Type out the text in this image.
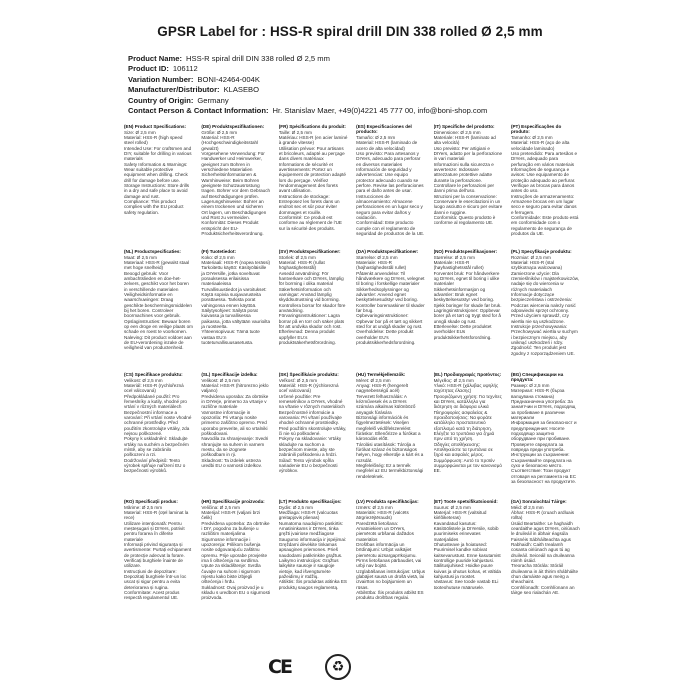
GPSR Label for : HSS-R spiral drill DIN 338 rolled Ø 2,5 mm
Product Name: HSS-R spiral drill DIN 338 rolled Ø 2,5 mm
Product ID: 106112
Variation Number: BONI-42464-004K
Manufacturer/Distributor: KLASEBO
Country of Origin: Germany
Contact Person & Contact Information: Hr. Stanislav Maer, +49(0)4221 45 777 00, info@boni-shop.com
(EN) Product Specifications:
Size: Ø 2,5 mm
Material: HSS-R (high speed steel rolled)
Intended Use: For craftsmen and DIY, suitable for drilling in various materials
Safety Information & Warnings: Wear suitable protective equipment when drilling. Check drill for damage before use.
Storage Instructions: Store drills in a dry and safe place to avoid damage and rust.
Compliance: This product complies with the EU product safety regulation.
(DE) Produktspezifikationen:
Größe: Ø 2,5 mm
Material: HSS-R (Hochgeschwindigkeitsstahl gewalzt)
Vorgesehene Verwendung: Für Handwerker und Heimwerker, geeignet zum Bohren in verschiedene Materialien
Sicherheitsinformationen & Warnhinweise: Beim Bohren geeignete Schutzausrüstung tragen. Bohrer vor dem Gebrauch auf Beschädigungen prüfen.
Lagerungshinweise: Bohrer an einem trockenen und sicheren Ort lagern, um Beschädigungen und Rost zu vermeiden.
Konformität: Dieses Produkt entspricht der EU-Produktsicherheitsverordnung.
(FR) Spécifications du produit:
Taille: Ø 2,5 mm
Matériau: HSS-R (en acier laminé à grande vitesse)
Utilisation prévue: Pour artisans et bricoleurs, adapté au perçage dans divers matériaux
Informations de sécurité et avertissements: Portez un équipement de protection adapté lors du perçage. Vérifiez l'endommagement des forets avant utilisation.
Instructions de stockage: Entreposez les forets dans un endroit sec et sûr pour éviter dommages et rouille.
Conformité: Ce produit est conforme au règlement de l'UE sur la sécurité des produits.
(ES) Especificaciones del producto:
Tamaño: Ø 2,5 mm
Material: HSS-R (laminado de acero de alta velocidad)
Uso previsto: Para artesanos y DIYers, adecuado para perforar en diversos materiales
Información de seguridad y advertencias: Use equipo protector adecuado cuando se perfore. Revise las perforaciones para el daño antes de usar.
Instrucciones de almacenamiento: Almacene perforaciones en un lugar seco y seguro para evitar daños y oxidación.
Conformidad: Este producto cumple con el reglamento de seguridad de productos de la UE.
(IT) Specifiche del prodotto:
Dimensione: Ø 2,5 mm
Materiale: HSS-R (laminato ad alta velocità)
Uso previsto: Per artigiani e DIYers, adatto per la perforazione in vari materiali
Informazioni sulla sicurezza e avvertenze: Indossare attrezzature protettive adatte durante la perforazione. Controllare le perforazioni per danni prima dell'uso.
Istruzioni per la conservazione: Conservare le esercitazioni in un luogo asciutto e sicuro per evitare danni e ruggine.
Conformità: Questo prodotto è conforme al regolamento UE.
(PT) Especificações do produto:
Tamanho: Ø 2,5 mm
Material: HSS-R (aço de alta velocidade laminado)
Uso pretendido: Para artesãos e DIYers, adequado para perfuração em vários materiais
Informações de segurança e avisos: Use equipamento de proteção adequado ao perfurar. Verifique as brocas para danos antes do uso.
Instruções de armazenamento: Armazene brocas em um lugar seco e seguro para evitar danos e ferrugem.
Conformidade: Este produto está em conformidade com o regulamento de segurança de produtos da UE.
(NL) Productspecificaties:
Maat: Ø 2,5 mm
Materiaal: HSS-R (gewalst staal met hoge snelheid)
Beoogd gebruik: Voor ambachtslieden en doe-het-zelvers, geschikt voor het boren in verschillende materialen
Veiligheidsinformatie en waarschuwingen: Draag geschikte beschermingsmiddelen bij het boren. Controleer boormachines voor gebruik.
Opslaginstructies: Bewaar boren op een droge en veilige plaats om schade en roest te voorkomen.
Naleving: Dit product voldoet aan de EU-verordening inzake de veiligheid van productenheid.
(FI) Tuotetiedot:
Koko: Ø 2,5 mm
Materiaali: HSS-R (nopea terässi)
Tarkoitettu käyttö: Käsityöläisille ja DIYersille, jotka soveltuvat porauksessa erilaisissa materiaaleissa
Turvallisuustiedot ja varoitukset: Käytä sopivia suojavarusteita porattaessa. Tarkista porat vahingonsa ennen käyttöä.
Säilytysohjeet: Säilytä porat kuivassa ja turvallisessa paikassa, jotta vältytään vaurioilta ja ruosteelta.
Yhteensopivuus: Tämä tuote vastaa EU:n tuoteturvallisuusasetusta.
(SV) Produktspecifikationer:
Storlek: Ø 2,5 mm
Material: HSS-R (rullat höghastighetsstål)
Avsedd användning: För hantverkare och DIYers, lämplig för borrning i olika material
Säkerhetsinformation och varningar: Använd lämplig skyddsutrustning vid borrning. Kontrollera borrar för skador före användning.
Förvaringsinstruktioner: Lagra borrar på en torr och säker plats för att undvika skador och rost.
Efterlevnad: Denna produkt uppfyller EU:s produktsäkerhetsförordning.
(DA) Produktspecifikationer:
Størrelse: Ø 2,5 mm
Materiale: HSS-R (højhastighedsstål rullet)
Påtænkt anvendelse: Til håndværkere og DIYers, velegnet til boring i forskellige materialer
Sikkerhedsoplysninger og advarsler: Anvend egnet beskyttelsesudstyr ved boring. Kontroller boremaskiner til skader før brug.
Opbevaringsinstruktioner: Opbevar bor på et tørt og sikkert sted for at undgå skader og rust.
Overholdelse: Dette produkt overholder EU's produktsikkerhedsforordning.
(NO) Produktspesifikasjoner:
Størrelse: Ø 2,5 mm
Materiale: HSS-R (høyhastighetsstål rullet)
Forventet bruk: For håndverkere og DIYers, egnet til boring i ulike materialer
Sikkerhetsinformasjon og advarsler: Bruk egnet beskyttelsesutstyr ved boring. Sjekk boringer for skade før bruk.
Lagringsinstruksjoner: Oppbevar borer på et tørt og trygt sted for å unngå skade og rust.
Etterlevelse: Dette produktet overholder EUs produktsikkerhetsforordning.
(PL) Specyfikacje produktu:
Rozmiar: Ø 2,5 mm
Materiał: HSS-R (stal szybkotnąca walcowana)
Zamierzone użycie: Dla rzemieślników i majsterkowiczów, nadaje się do wiercenia w różnych materiałach
Informacje dotyczące bezpieczeństwa i ostrzeżenia: Podczas wiercenia należy nosić odpowiedni sprzęt ochronny. Przed użyciem sprawdź, czy wiertła nie są uszkodzone.
Instrukcje przechowywania: Przechowywać wiertła w suchym i bezpiecznym miejscu, aby uniknąć uszkodzeń i rdzy.
Zgodność: Ten produkt jest zgodny z rozporządzeniem UE.
(CS) Specifikace produktu:
Velikost: Ø 2,5 mm
Materiál: HSS-R (rychlořezná ocel válcovaná)
Předpokládané použití: Pro řemeslníky a kutily, vhodné pro vrtání v různých materiálech
Bezpečnostní informace a varování: Při vrtání noste vhodné ochranné prostředky. Před použitím zkontrolujte vrtáky, zda nejsou poškozené.
Pokyny k uskladnění: Skladujte vrtáky na suchém a bezpečném místě, aby se zabránilo poškození a rzi.
Dodržování předpisů: Tento výrobek splňuje nařízení EU o bezpečnosti výrobků.
(SL) Specifikacije izdelka:
Velikost: Ø 2,5 mm
Material: HSS-R (hitrorezno jeklo valjano)
Predvidena uporaba: Za obrtnike in DIYerje, primerno za vrtanje v različne materiale
Varnostne informacije in opozorila: Pri vrtanju nosite primerno zaščitno opremo. Pred uporabo preverite, ali so vrtalniki poškodovani.
Navodila za shranjevanje: Svedri shranjujte na suhem in varnem mestu, da se izognete poškodbam in rji.
Skladnost: Ta izdelek ustreza uredbi EU o varnosti izdelkov.
(SK) Špecifikácie produktu:
Veľkosť: Ø 2,5 mm
Materiál: HSS-R (rýchlorezná oceľ valcovaná)
Určené použitie: Pre remeselníkov a DIYers, vhodné na vŕtanie v rôznych materiáloch
Bezpečnostné informácie a varovania: Pri vŕtaní používajte vhodné ochranné prostriedky. Pred použitím skontrolujte vrtáky, či nie sú poškodené.
Pokyny na skladovanie: Vrtáky skladujte na suchom a bezpečnom mieste, aby ste zabránili poškodeniu a hrdzi.
Súlad: Tento výrobok spĺňa nariadenie EU o bezpečnosti výrobkov.
(HU) Termékjellemzők:
Méret: Ø 2,5 mm
Anyag: HSS-R (hengerelt nagysebességű acél)
Tervezett felhasználás: A kézművesek és a DIYers számára alkalmas különböző anyagok fúrására
Biztonsági információk és figyelmeztetések: Viseljen megfelelő védőfelszerelést fúráskor. Ellenőrizze a fúrókat a károsodás előtt.
Tárolási utasítások: Tárolja a fúrókat száraz és biztonságos helyen, hogy elkerülje a kárt és a rozsdát.
Megfelelőség: Ez a termék megfelel az EU termékbiztonsági rendeletének.
(EL) Προδιαγραφές προϊόντος:
Μέγεθος: Ø 2,5 mm
Υλικό: HSS-R (χάλυβας υψηλής ταχύτητας έλασης)
Προοριζόμενη χρήση: Για τεχνίτες και DIYers, κατάλληλο για διάτρηση σε διάφορα υλικά
Πληροφορίες ασφαλείας & προειδοποιήσεις: Να φοράτε κατάλληλο προστατευτικό εξοπλισμό κατά τη διάτρηση. Ελέγξτε τα τρυπάνια για ζημιά πριν από τη χρήση.
Οδηγίες αποθήκευσης: Αποθηκεύστε τα τρυπάνια σε ξηρό και ασφαλές μέρος.
Συμμόρφωση: Αυτό το προϊόν συμμορφώνεται με τον κανονισμό ΕΕ.
(BG) Спецификации на продукта:
Размер: Ø 2,5 mm
Материал: HSS-R (бърза валцувана стомана)
Предназначена употреба: За занаятчии и DIYers, подходящ за пробиване в различни материали
Информация за безопасност и предупреждения: Носете подходящо защитно оборудване при пробиване. Проверете свредлата за повреда преди употреба.
Инструкции за съхранение: Съхранявайте свредлата на сухо и безопасно място.
Съответствие: Този продукт отговаря на регламента на ЕС за безопасност на продуктите.
(RO) Specificații produs:
Mărime: Ø 2,5 mm
Material: HSS-R (oțel laminat la rece)
Utilizare intenționată: Pentru meșteșugari și DIYers, potrivit pentru forarea în diferite materiale
Informații privind siguranța și avertismente: Purtați echipament de protecție adecvat la forare. Verificați burghiele înainte de utilizare.
Instrucțiuni de depozitare: Depozitați burghiele într-un loc uscat și sigur pentru a evita deteriorarea și rugina.
Conformitate: Acest produs respectă regulamentul UE.
(HR) Specifikacije proizvoda:
Veličina: Ø 2,5 mm
Materijal: HSS-R (valjani brzi čelik)
Predviđena upotreba: Za obrtnike i DIY, pogodno za bušenje u različitim materijalima
Sigurnosne informacije i upozorenja: Prilikom bušenja nosite odgovarajuću zaštitnu opremu. Prije uporabe provjerite ima li oštećenja na svrdlima.
Upute za skladištenje: Svrdla čuvajte na suhom i sigurnom mjestu kako biste izbjegli oštećenja i hrđu.
Sukladnost: Ovaj proizvod je u skladu s uredbom EU o sigurnosti proizvoda.
(LT) Produkto specifikacijos:
Dydis: Ø 2,5 mm
Medžiaga: HSS-R (valcuotas greitapjovis plienas)
Numatoma naudojimo paskirtis: Amatininkams ir DIYers, tinka gręžti įvairiose medžiagose
Saugumo informacija ir įspėjimai: Gręždami dėvėkite tinkamas apsaugines priemones. Prieš naudodami patikrinkite grąžtus.
Laikymo instrukcijos: Grąžtus laikykite sausoje ir saugioje vietoje, kad išvengtumėte pažeidimų ir rūdžių.
Atitiktis: Šis produktas atitinka ES produktų saugos reglamentą.
(LV) Produkta specifikācijas:
Izmērs: Ø 2,5 mm
Materiāls: HSS-R (valcēts ātrgriezējtērauds)
Paredzētā lietošana: Amatniekiem un DIYers, piemērots urbšanai dažādos materiālos
Drošības informācija un brīdinājumi: Urbjot valkājiet piemērotu aizsargaprīkojumu. Pirms lietošanas pārbaudiet, vai urbji nav bojāti.
Uzglabāšanas instrukcijas: Urbjus glabājiet sausā un drošā vietā, lai izvairītos no bojājumiem un rūsas.
Atbilstība: Šis produkts atbilst ES produktu drošības regulai.
(ET) Toote spetsifikatsioonid:
Suurus: Ø 2,5 mm
Materjal: HSS-R (valtsitud kiirlõiketeras)
Kavandatud kasutus: Käsitöölistele ja DIYersile, sobib puurimiseks erinevates materjalides
Ohutusteave ja hoiatused: Puurimisel kandke sobivat kaitsevarustust. Enne kasutamist kontrollige puuride kahjustusi.
Säilitusjuhised: Hoidke puure kuivas ja ohutus kohas, et vältida kahjustusi ja roostet.
Vastavus: See toode vastab ELi tooteohutuse määrusele.
(GA) Sonraíochtaí Táirge:
Méid: Ø 2,5 mm
Ábhar: HSS-R (cruach ardluais rollta)
Úsáid Beartaithe: Le haghaidh ceardaithe agus DIYers, oiriúnach le druileáil in ábhair éagsúla
Faisnéis Sábháilteachta agus Rabhaidh: Caith trealamh cosanta oiriúnach agus tú ag druileáil. Seiceáil na druileanna roimh úsáid.
Treoracha Stórála: Stóráil druileanna in áit thirim shábháilte chun damáiste agus meirg a sheachaint.
Comhlíonadh: Comhlíonann an táirge seo rialachán AE.
CE	♻
